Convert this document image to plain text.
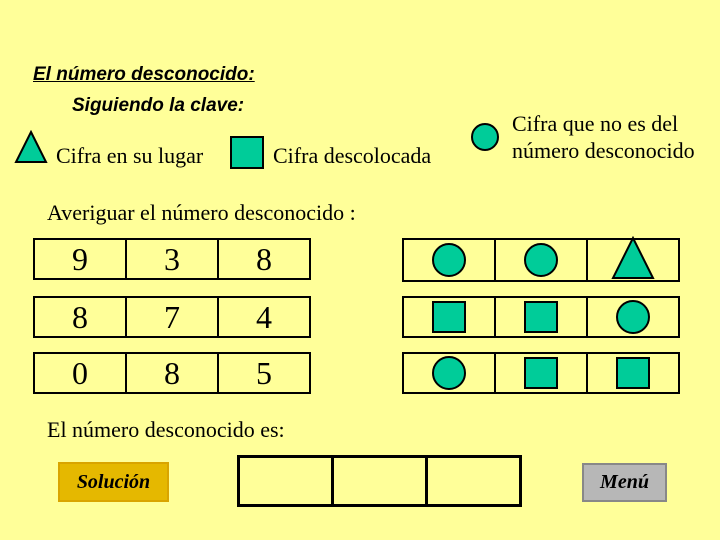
El número desconocido:
Siguiendo la clave:
Cifra en su lugar	Cifra descolocada
Cifra que no es del
número desconocido
Averiguar el número desconocido :
9	3	8
8	7	4
0	8	5

El número desconocido es:
Solución
			Menú
